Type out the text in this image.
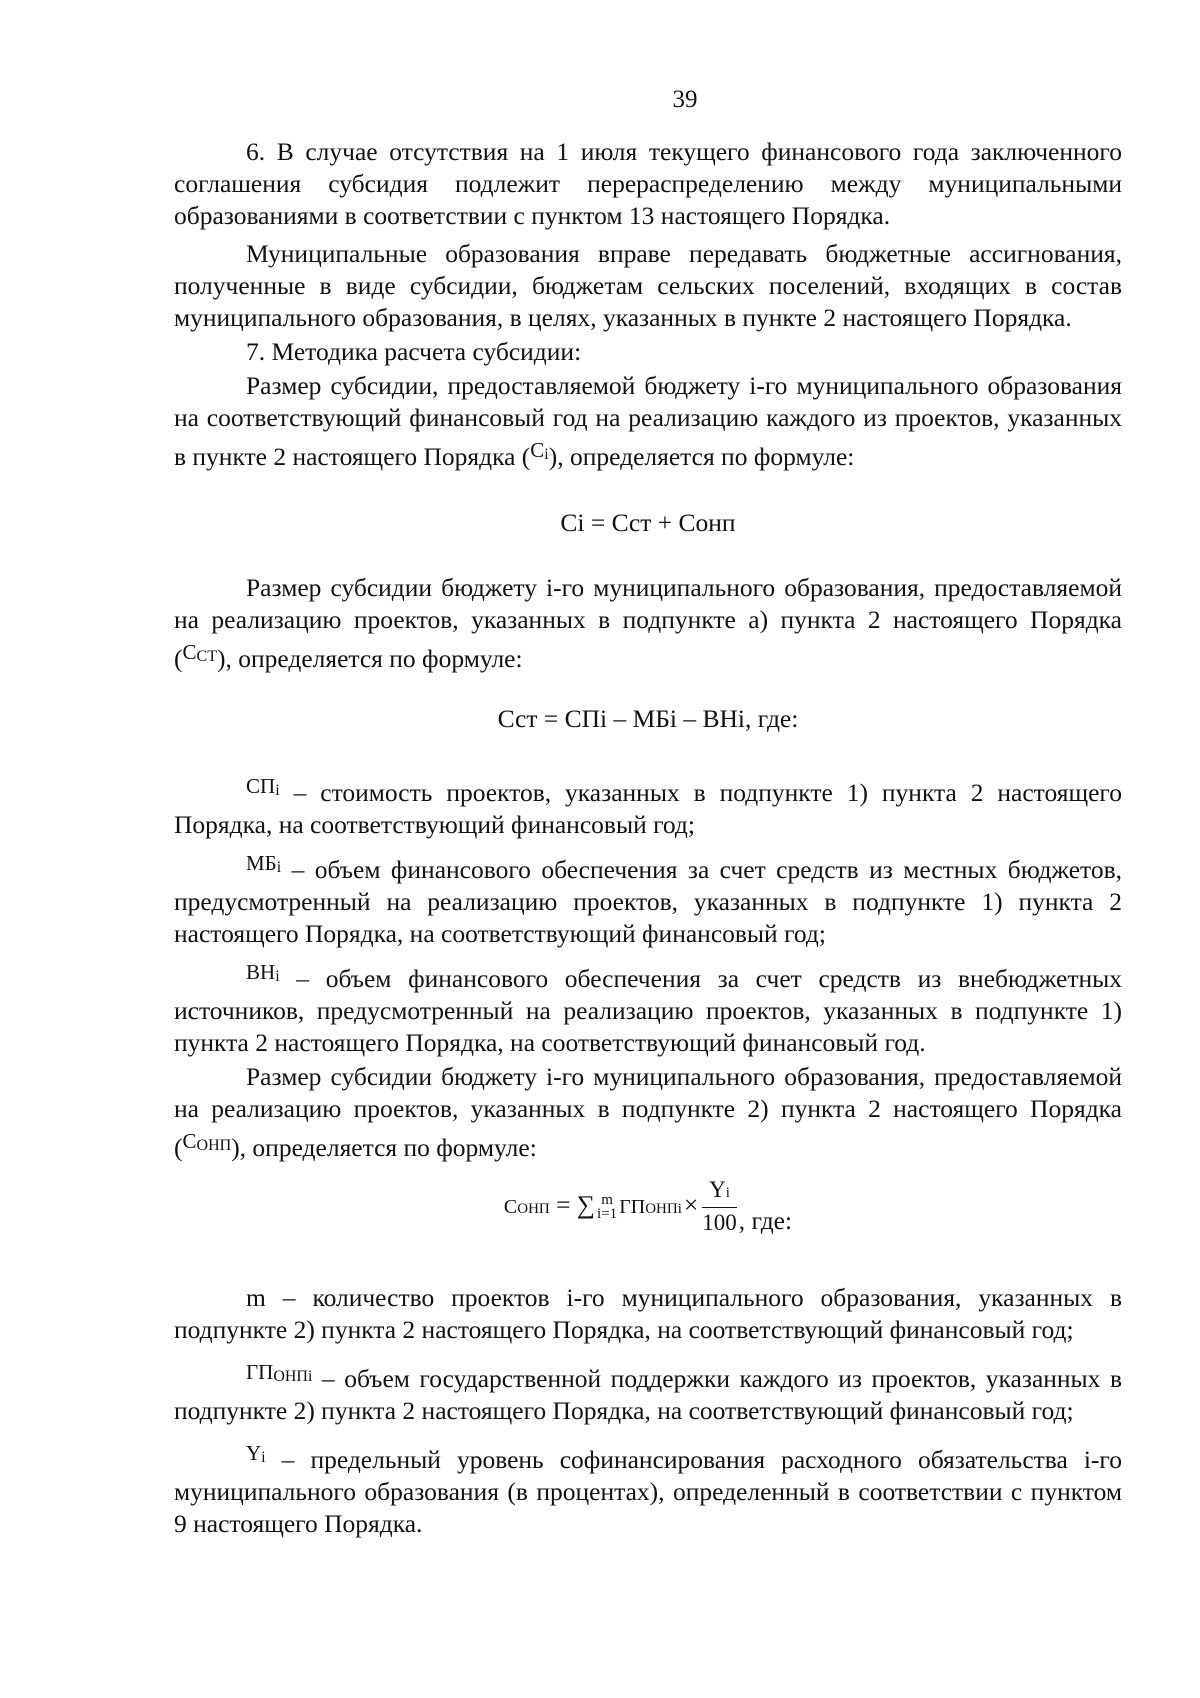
39

6. В случае отсутствия на 1 июля текущего финансового года заключенного соглашения субсидия подлежит перераспределению между муниципальными образованиями в соответствии с пунктом 13 настоящего Порядка.

Муниципальные образования вправе передавать бюджетные ассигнования, полученные в виде субсидии, бюджетам сельских поселений, входящих в состав муниципального образования, в целях, указанных в пункте 2 настоящего Порядка.

7. Методика расчета субсидии:

Размер субсидии, предоставляемой бюджету i-го муниципального образования на соответствующий финансовый год на реализацию каждого из проектов, указанных в пункте 2 настоящего Порядка ($^{Ci}$), определяется по формуле:

Ci = Сст + Сонп

Размер субсидии бюджету i-го муниципального образования, предоставляемой на реализацию проектов, указанных в подпункте а) пункта 2 настоящего Порядка ($^{CСТ}$), определяется по формуле:

Сст = СПi – МБi – ВНi, где:

$^{СПi}$ – стоимость проектов, указанных в подпункте 1) пункта 2 настоящего Порядка, на соответствующий финансовый год;

$^{МБi}$ – объем финансового обеспечения за счет средств из местных бюджетов, предусмотренный на реализацию проектов, указанных в подпункте 1) пункта 2 настоящего Порядка, на соответствующий финансовый год;

$^{ВНi}$ – объем финансового обеспечения за счет средств из внебюджетных источников, предусмотренный на реализацию проектов, указанных в подпункте 1) пункта 2 настоящего Порядка, на соответствующий финансовый год.

Размер субсидии бюджету i-го муниципального образования, предоставляемой на реализацию проектов, указанных в подпункте 2) пункта 2 настоящего Порядка ($^{CОНП}$), определяется по формуле:

CОНП = ∑ m
i=1 ГПОНПi× $\frac{Yi}{100}$ , где:

m – количество проектов i-го муниципального образования, указанных в подпункте 2) пункта 2 настоящего Порядка, на соответствующий финансовый год;

$^{ГПОНПi}$ – объем государственной поддержки каждого из проектов, указанных в подпункте 2) пункта 2 настоящего Порядка, на соответствующий финансовый год;

$^{Yi}$ – предельный уровень софинансирования расходного обязательства i-го муниципального образования (в процентах), определенный в соответствии с пунктом 9 настоящего Порядка.
